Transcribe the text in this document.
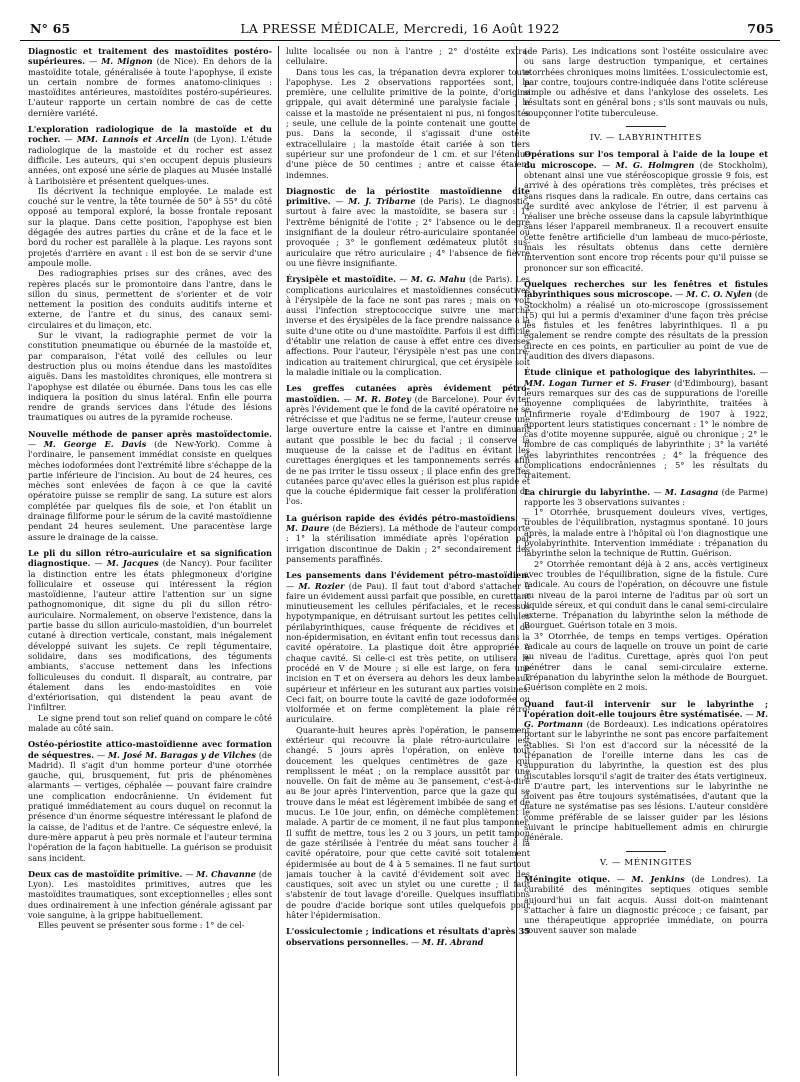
N° 65	LA PRESSE MÉDICALE, Mercredi, 16 Août 1922	705

Diagnostic et traitement des mastoïdites postéro-supérieures. — M. Mignon (de Nice). En dehors de la mastoïdite totale, généralisée à toute l'apophyse, il existe un certain nombre de formes anatomo-cliniques : mastoïdites antérieures, mastoïdites postéro-supérieures. L'auteur rapporte un certain nombre de cas de cette dernière variété.

L'exploration radiologique de la mastoïde et du rocher. — MM. Lannois et Arcelin (de Lyon). L'étude radiologique de la mastoïde et du rocher est assez difficile. Les auteurs, qui s'en occupent depuis plusieurs années, ont exposé une série de plaques au Musée installé à Lariboisière et présentent quelques-unes.

Ils décrivent la technique employée. Le malade est couché sur le ventre, la tête tournée de 50° à 55° du côté opposé au temporal exploré, la bosse frontale reposant sur la plaque. Dans cette position, l'apophyse est bien dégagée des autres parties du crâne et de la face et le bord du rocher est parallèle à la plaque. Les rayons sont projetés d'arrière en avant : il est bon de se servir d'une ampoule molle.

Des radiographies prises sur des crânes, avec des repères placés sur le promontoire dans l'antre, dans le sillon du sinus, permettent de s'orienter et de voir nettement la position des conduits auditifs interne et externe, de l'antre et du sinus, des canaux semi-circulaires et du limaçon, etc.

Sur le vivant, la radiographie permet de voir la constitution pneumatique ou éburnée de la mastoïde et, par comparaison, l'état voilé des cellules ou leur destruction plus ou moins étendue dans les mastoïdites aiguës. Dans les mastoïdites chroniques, elle montrera si l'apophyse est dilatée ou éburnée. Dans tous les cas elle indiquera la position du sinus latéral. Enfin elle pourra rendre de grands services dans l'étude des lésions traumatiques ou autres de la pyramide rocheuse.

Nouvelle méthode de panser après mastoïdectomie. — M. George E. Davis (de New-York). Comme à l'ordinaire, le pansement immédiat consiste en quelques mèches iodoformées dont l'extrémité libre s'échappe de la partie inférieure de l'incision. Au bout de 24 heures, ces mèches sont enlevées de façon à ce que la cavité opératoire puisse se remplir de sang. La suture est alors complétée par quelques fils de soie, et l'on établit un drainage filiforme pour le sérum de la cavité mastoïdienne pendant 24 heures seulement. Une paracentèse large assure le drainage de la caisse.

Le pli du sillon rétro-auriculaire et sa signification diagnostique. — M. Jacques (de Nancy). Pour faciliter la distinction entre les états phlegmoneux d'origine folliculaire et osseuse qui intéressent la région mastoïdienne, l'auteur attire l'attention sur un signe pathognomonique, dit signe du pli du sillon rétro-auriculaire. Normalement, on observe l'existence, dans la partie basse du sillon auriculo-mastoïdien, d'un bourrelet cutané à direction verticale, constant, mais inégalement développé suivant les sujets. Ce repli tégumentaire, solidaire, dans ses modifications, des téguments ambiants, s'accuse nettement dans les infections folliculeuses du conduit. Il disparaît, au contraire, par étalement dans les endo-mastoïdites en voie d'extériorisation, qui distendent la peau avant de l'infiltrer.

Le signe prend tout son relief quand on compare le côté malade au côté sain.

Ostéo-périostite attico-mastoïdienne avec formation de séquestres. — M. José M. Baragas y de Vilches (de Madrid). Il s'agit d'un homme porteur d'une otorrhée gauche, qui, brusquement, fut pris de phénomènes alarmants — vertiges, céphalée — pouvant faire craindre une complication endocrânienne. Un évidement fut pratiqué immédiatement au cours duquel on reconnut la présence d'un énorme séquestre intéressant le plafond de la caisse, de l'aditus et de l'antre. Ce séquestre enlevé, la dure-mère apparut à peu près normale et l'auteur termina l'opération de la façon habituelle. La guérison se produisit sans incident.

Deux cas de mastoïdite primitive. — M. Chavanne (de Lyon). Les mastoïdites primitives, autres que les mastoïdites traumatiques, sont exceptionnelles ; elles sont dues ordinairement à une infection générale agissant par voie sanguine, à la grippe habituellement.

Elles peuvent se présenter sous forme : 1° de cel-

lulite localisée ou non à l'antre ; 2° d'ostéite extra-cellulaire.

Dans tous les cas, la trépanation devra explorer toute l'apophyse. Les 2 observations rapportées sont, la première, une cellulite primitive de la pointe, d'origine grippale, qui avait déterminé une paralysie faciale ; la caisse et la mastoïde ne présentaient ni pus, ni fongosités ; seule, une cellule de la pointe contenait une goutte de pus. Dans la seconde, il s'agissait d'une ostéite extracellulaire ; la mastoïde était cariée à son tiers supérieur sur une profondeur de 1 cm. et sur l'étendue d'une pièce de 50 centimes ; antre et caisse étaient indemnes.

Diagnostic de la périostite mastoïdienne dite primitive. — M. J. Tribarne (de Paris). Le diagnostic, surtout à faire avec la mastoïdite, se basera sur : 1° l'extrême bénignité de l'otite ; 2° l'absence ou le degré insignifiant de la douleur rétro-auriculaire spontanée ou provoquée ; 3° le gonflement œdémateux plutôt sus-auriculaire que rétro auriculaire ; 4° l'absence de fièvre ou une fièvre insignifiante.

Érysipèle et mastoïdite. — M. G. Mahu (de Paris). Les complications auriculaires et mastoïdiennes consécutives à l'érysipèle de la face ne sont pas rares ; mais on voit aussi l'infection streptococcique suivre une marche inverse et des érysipèles de la face prendre naissance à la suite d'une otite ou d'une mastoïdite. Parfois il est difficile d'établir une relation de cause à effet entre ces diverses affections. Pour l'auteur, l'érysipèle n'est pas une contre-indication au traitement chirurgical, que cet érysipèle soit la maladie initiale ou la complication.

Les greffes cutanées après évidement pétro-mastoïdien. — M. R. Botey (de Barcelone). Pour éviter après l'évidement que le fond de la cavité opératoire ne se rétrécisse et que l'aditus ne se ferme, l'auteur creuse une large ouverture entre la caisse et l'antre en diminuant autant que possible le bec du facial ; il conserve la muqueuse de la caisse et de l'aditus en évitant les curettages énergiques et les tamponnements serrés afin de ne pas irriter le tissu osseux ; il place enfin des greffes cutanées parce qu'avec elles la guérison est plus rapide et que la couche épidermique fait cesser la prolifération de l'os.

La guérison rapide des évidés pétro-mastoïdiens. — M. Daure (de Béziers). La méthode de l'auteur comporte : 1° la stérilisation immédiate après l'opération par irrigation discontinue de Dakin ; 2° secondairement des pansements paraffinés.

Les pansements dans l'évidement pétro-mastoïdien. — M. Rozier (de Pau). Il faut tout d'abord s'attacher à faire un évidement aussi parfait que possible, en curettant minutieusement les cellules périfaciales, et le recessus hypotympanique, en détruisant surtout les petites cellules périlabyrinthiques, cause fréquente de récidives et de non-épidermisation, en évitant enfin tout recessus dans la cavité opératoire. La plastique doit être appropriée à chaque cavité. Si celle-ci est très petite, on utilisera le procédé en V de Moure ; si elle est large, on fera une incision en T et on éversera au dehors les deux lambeaux supérieur et inférieur en les suturant aux parties voisines. Ceci fait, on bourre toute la cavité de gaze iodoformée ou violformée et on ferme complètement la plaie rétro-auriculaire.

Quarante-huit heures après l'opération, le pansement extérieur qui recouvre la plaie rétro-auriculaire est changé. 5 jours après l'opération, on enlève tout doucement les quelques centimètres de gaze qui remplissent le méat ; on la remplace aussitôt par une nouvelle. On fait de même au 3e pansement, c'est-à-dire au 8e jour après l'intervention, parce que la gaze qui se trouve dans le méat est légèrement imbibée de sang et de mucus. Le 10e jour, enfin, on démèche complètement le malade. A partir de ce moment, il ne faut plus tamponner. Il suffit de mettre, tous les 2 ou 3 jours, un petit tampon de gaze stérilisée à l'entrée du méat sans toucher à la cavité opératoire, pour que cette cavité soit totalement épidermisée au bout de 4 à 5 semaines. Il ne faut surtout jamais toucher à la cavité d'évidement soit avec des caustiques, soit avec un stylet ou une curette ; il faut s'abstenir de tout lavage d'oreille. Quelques insufflations de poudre d'acide borique sont utiles quelquefois pour hâter l'épidermisation.

L'ossiculectomie ; indications et résultats d'après 35 observations personnelles. — M. H. Abrand

(de Paris). Les indications sont l'ostéite ossiculaire avec ou sans large destruction tympanique, et certaines otorrhées chroniques moins limitées. L'ossiculectomie est, par contre, toujours contre-indiquée dans l'otite scléreuse simple ou adhésive et dans l'ankylose des osselets. Les résultats sont en général bons ; s'ils sont mauvais ou nuls, soupçonner l'otite tuberculeuse.

IV. — LABYRINTHITES

Opérations sur l'os temporal à l'aide de la loupe et du microscope. — M. G. Holmgren (de Stockholm), obtenant ainsi une vue stéréoscopique grossie 9 fois, est arrivé à des opérations très complètes, très précises et sans risques dans la radicale. En outre, dans certains cas de surdité avec ankylose de l'étrier, il est parvenu à réaliser une brèche osseuse dans la capsule labyrinthique sans léser l'appareil membraneux. Il a recouvert ensuite cette fenêtre artificielle d'un lambeau de muco-périoste, mais les résultats obtenus dans cette dernière intervention sont encore trop récents pour qu'il puisse se prononcer sur son efficacité.

Quelques recherches sur les fenêtres et fistules labyrinthiques sous microscope. — M. C. O. Nylen (de Stockholm) a réalisé un oto-microscope (grossissement 15) qui lui a permis d'examiner d'une façon très précise les fistules et les fenêtres labyrinthiques. Il a pu également se rendre compte des résultats de la pression directe en ces points, en particulier au point de vue de l'audition des divers diapasons.

Étude clinique et pathologique des labyrinthites. — MM. Logan Turner et S. Fraser (d'Edimbourg), basant leurs remarques sur des cas de suppurations de l'oreille moyenne compliquées de labyrinthite, traitées à l'Infirmerie royale d'Edimbourg de 1907 à 1922, apportent leurs statistiques concernant : 1° le nombre de cas d'otite moyenne suppurée, aiguë ou chronique ; 2° le nombre de cas compliqués de labyrinthite ; 3° la variété des labyrinthites rencontrées ; 4° la fréquence des complications endocrâniennes ; 5° les résultats du traitement.

La chirurgie du labyrinthe. — M. Lasagna (de Parme) rapporte les 3 observations suivantes :

1° Otorrhée, brusquement douleurs vives, vertiges, troubles de l'équilibration, nystagmus spontané. 10 jours après, la malade entre à l'hôpital où l'on diagnostique une pyolabyrinthite. Intervention immédiate : trépanation du labyrinthe selon la technique de Ruttin. Guérison.

2° Otorrhée remontant déjà à 2 ans, accès vertigineux avec troubles de l'équilibration, signe de la fistule. Cure radicale. Au cours de l'opération, on découvre une fistule au niveau de la paroi interne de l'aditus par où sort un liquide séreux, et qui conduit dans le canal semi-circulaire externe. Trépanation du labyrinthe selon la méthode de Bourguet. Guérison totale en 3 mois.

3° Otorrhée, de temps en temps vertiges. Opération radicale au cours de laquelle on trouve un point de carie au niveau de l'aditus. Curettage, après quoi l'on peut pénétrer dans le canal semi-circulaire externe. Trépanation du labyrinthe selon la méthode de Bourguet. Guérison complète en 2 mois.

Quand faut-il intervenir sur le labyrinthe ; l'opération doit-elle toujours être systématisée. — M. G. Portmann (de Bordeaux). Les indications opératoires portant sur le labyrinthe ne sont pas encore parfaitement établies. Si l'on est d'accord sur la nécessité de la trépanation de l'oreille interne dans les cas de suppuration du labyrinthe, la question est des plus discutables lorsqu'il s'agit de traiter des états vertigineux.

D'autre part, les interventions sur le labyrinthe ne doivent pas être toujours systématisées, d'autant que la nature ne systématise pas ses lésions. L'auteur considère comme préférable de se laisser guider par les lésions suivant le principe habituellement admis en chirurgie générale.

V. — MÉNINGITES

Méningite otique. — M. Jenkins (de Londres). La curabilité des méningites septiques otiques semble aujourd'hui un fait acquis. Aussi doit-on maintenant s'attacher à faire un diagnostic précoce ; ce faisant, par une thérapeutique appropriée immédiate, on pourra souvent sauver son malade
